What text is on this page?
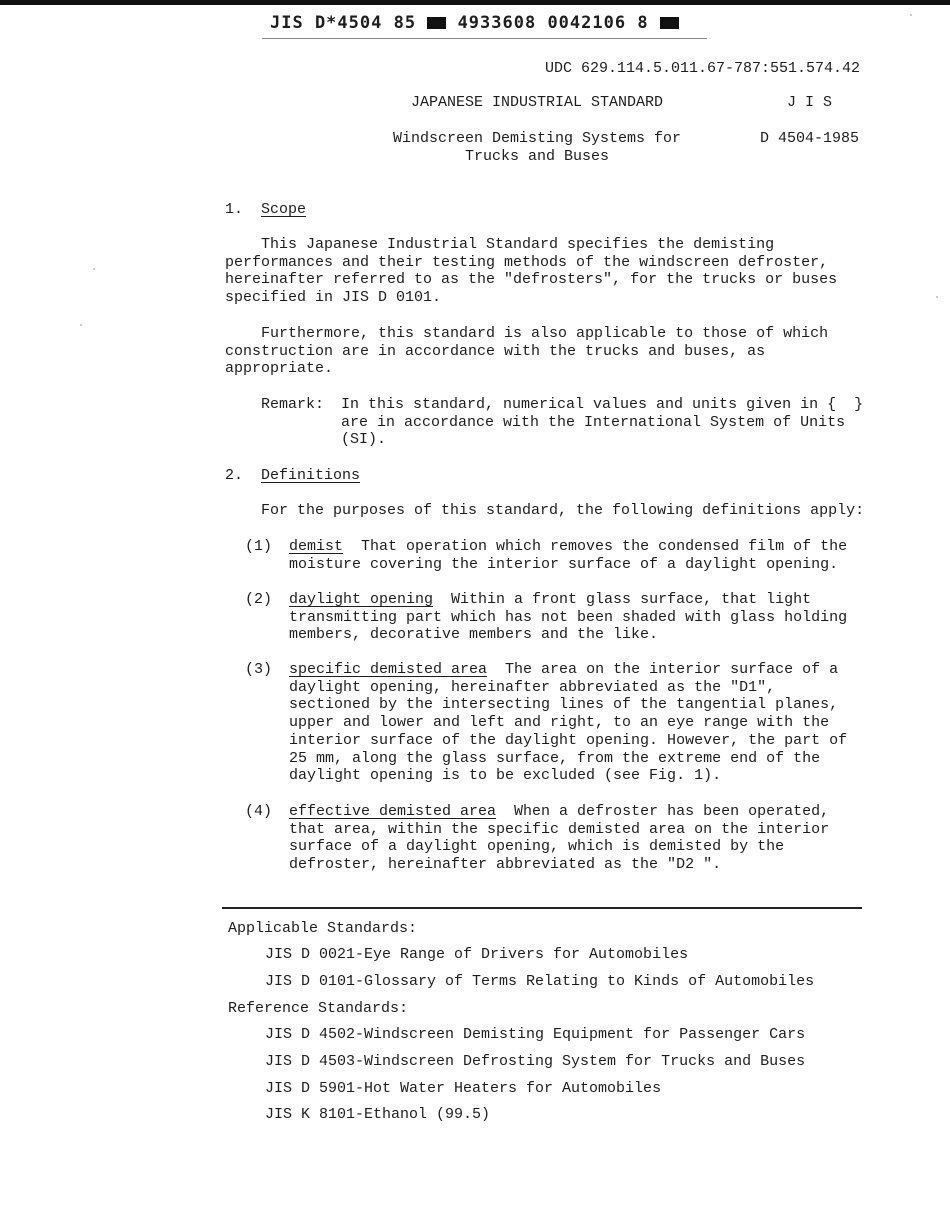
JIS D*4504 85 4933608 0042106 8
UDC 629.114.5.011.67-787:551.574.42
JAPANESE INDUSTRIAL STANDARD	J I S
Windscreen Demisting Systems for
Trucks and Buses
D 4504-1985
1. Scope
This Japanese Industrial Standard specifies the demisting
performances and their testing methods of the windscreen defroster,
hereinafter referred to as the "defrosters", for the trucks or buses
specified in JIS D 0101.
Furthermore, this standard is also applicable to those of which
construction are in accordance with the trucks and buses, as
appropriate.
Remark: In this standard, numerical values and units given in {  }
are in accordance with the International System of Units
(SI).
2. Definitions
For the purposes of this standard, the following definitions apply:
(1) demist  That operation which removes the condensed film of the
moisture covering the interior surface of a daylight opening.
(2) daylight opening  Within a front glass surface, that light
transmitting part which has not been shaded with glass holding
members, decorative members and the like.
(3) specific demisted area  The area on the interior surface of a
daylight opening, hereinafter abbreviated as the "D1",
sectioned by the intersecting lines of the tangential planes,
upper and lower and left and right, to an eye range with the
interior surface of the daylight opening. However, the part of
25 mm, along the glass surface, from the extreme end of the
daylight opening is to be excluded (see Fig. 1).
(4) effective demisted area  When a defroster has been operated,
that area, within the specific demisted area on the interior
surface of a daylight opening, which is demisted by the
defroster, hereinafter abbreviated as the "D2 ".
Applicable Standards:
JIS D 0021-Eye Range of Drivers for Automobiles
JIS D 0101-Glossary of Terms Relating to Kinds of Automobiles
Reference Standards:
JIS D 4502-Windscreen Demisting Equipment for Passenger Cars
JIS D 4503-Windscreen Defrosting System for Trucks and Buses
JIS D 5901-Hot Water Heaters for Automobiles
JIS K 8101-Ethanol (99.5)
